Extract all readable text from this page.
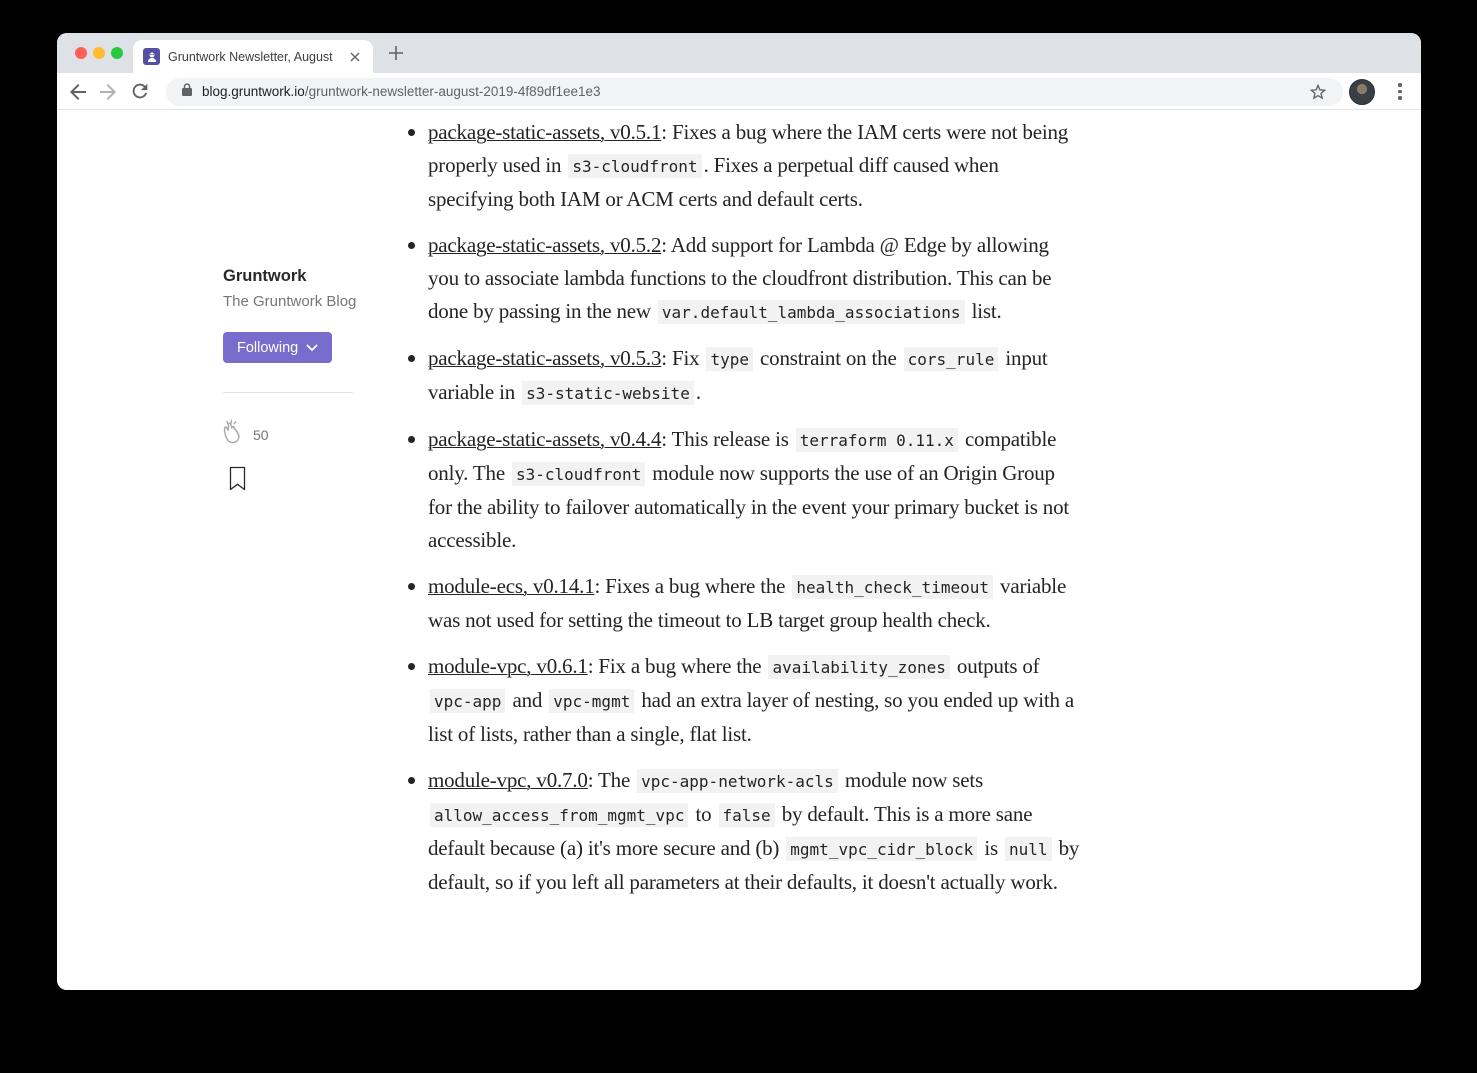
Gruntwork Newsletter, August
blog.gruntwork.io/gruntwork-newsletter-august-2019-4f89df1ee1e3
Gruntwork
The Gruntwork Blog
Following
50
package-static-assets, v0.5.1: Fixes a bug where the IAM certs were not being properly used in s3-cloudfront . Fixes a perpetual diff caused when specifying both IAM or ACM certs and default certs.
package-static-assets, v0.5.2: Add support for Lambda @ Edge by allowing you to associate lambda functions to the cloudfront distribution. This can be done by passing in the new var.default_lambda_associations list.
package-static-assets, v0.5.3: Fix type constraint on the cors_rule input variable in s3-static-website .
package-static-assets, v0.4.4: This release is terraform 0.11.x compatible only. The s3-cloudfront module now supports the use of an Origin Group for the ability to failover automatically in the event your primary bucket is not accessible.
module-ecs, v0.14.1: Fixes a bug where the health_check_timeout variable was not used for setting the timeout to LB target group health check.
module-vpc, v0.6.1: Fix a bug where the availability_zones outputs of vpc-app and vpc-mgmt had an extra layer of nesting, so you ended up with a list of lists, rather than a single, flat list.
module-vpc, v0.7.0: The vpc-app-network-acls module now sets allow_access_from_mgmt_vpc to false by default. This is a more sane default because (a) it's more secure and (b) mgmt_vpc_cidr_block is null by default, so if you left all parameters at their defaults, it doesn't actually work.
